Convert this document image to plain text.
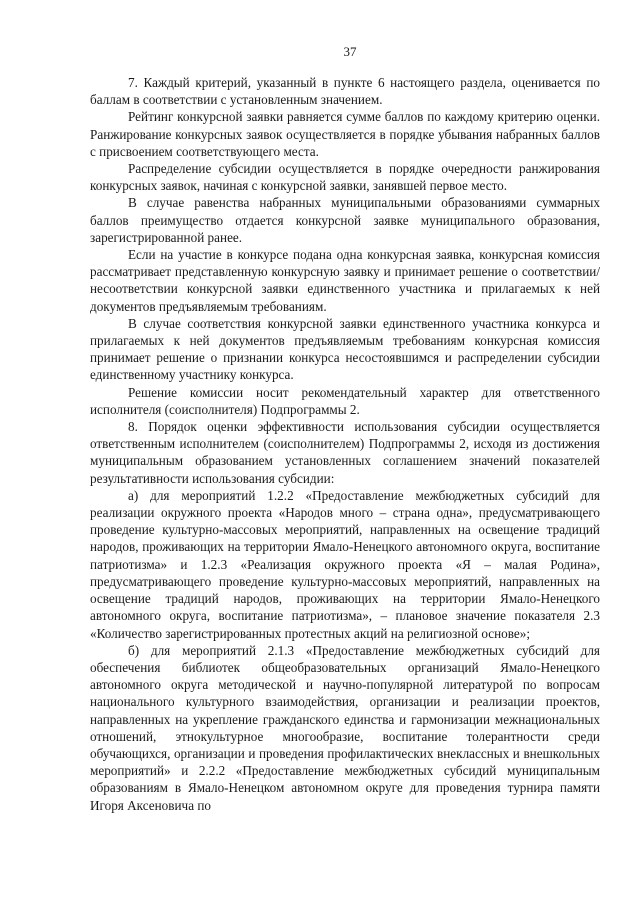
37

7. Каждый критерий, указанный в пункте 6 настоящего раздела, оценивается по баллам в соответствии с установленным значением.

Рейтинг конкурсной заявки равняется сумме баллов по каждому критерию оценки. Ранжирование конкурсных заявок осуществляется в порядке убывания набранных баллов с присвоением соответствующего места.

Распределение субсидии осуществляется в порядке очередности ранжирования конкурсных заявок, начиная с конкурсной заявки, занявшей первое место.

В случае равенства набранных муниципальными образованиями суммарных баллов преимущество отдается конкурсной заявке муниципального образования, зарегистрированной ранее.

Если на участие в конкурсе подана одна конкурсная заявка, конкурсная комиссия рассматривает представленную конкурсную заявку и принимает решение о соответствии/несоответствии конкурсной заявки единственного участника и прилагаемых к ней документов предъявляемым требованиям.

В случае соответствия конкурсной заявки единственного участника конкурса и прилагаемых к ней документов предъявляемым требованиям конкурсная комиссия принимает решение о признании конкурса несостоявшимся и распределении субсидии единственному участнику конкурса.

Решение комиссии носит рекомендательный характер для ответственного исполнителя (соисполнителя) Подпрограммы 2.

8. Порядок оценки эффективности использования субсидии осуществляется ответственным исполнителем (соисполнителем) Подпрограммы 2, исходя из достижения муниципальным образованием установленных соглашением значений показателей результативности использования субсидии:

а) для мероприятий 1.2.2 «Предоставление межбюджетных субсидий для реализации окружного проекта «Народов много – страна одна», предусматривающего проведение культурно-массовых мероприятий, направленных на освещение традиций народов, проживающих на территории Ямало-Ненецкого автономного округа, воспитание патриотизма» и 1.2.3 «Реализация окружного проекта «Я – малая Родина», предусматривающего проведение культурно-массовых мероприятий, направленных на освещение традиций народов, проживающих на территории Ямало-Ненецкого автономного округа, воспитание патриотизма», – плановое значение показателя 2.3 «Количество зарегистрированных протестных акций на религиозной основе»;

б) для мероприятий 2.1.3 «Предоставление межбюджетных субсидий для обеспечения библиотек общеобразовательных организаций Ямало-Ненецкого автономного округа методической и научно-популярной литературой по вопросам национального культурного взаимодействия, организации и реализации проектов, направленных на укрепление гражданского единства и гармонизации межнациональных отношений, этнокультурное многообразие, воспитание толерантности среди обучающихся, организации и проведения профилактических внеклассных и внешкольных мероприятий» и 2.2.2 «Предоставление межбюджетных субсидий муниципальным образованиям в Ямало-Ненецком автономном округе для проведения турнира памяти Игоря Аксеновича по
